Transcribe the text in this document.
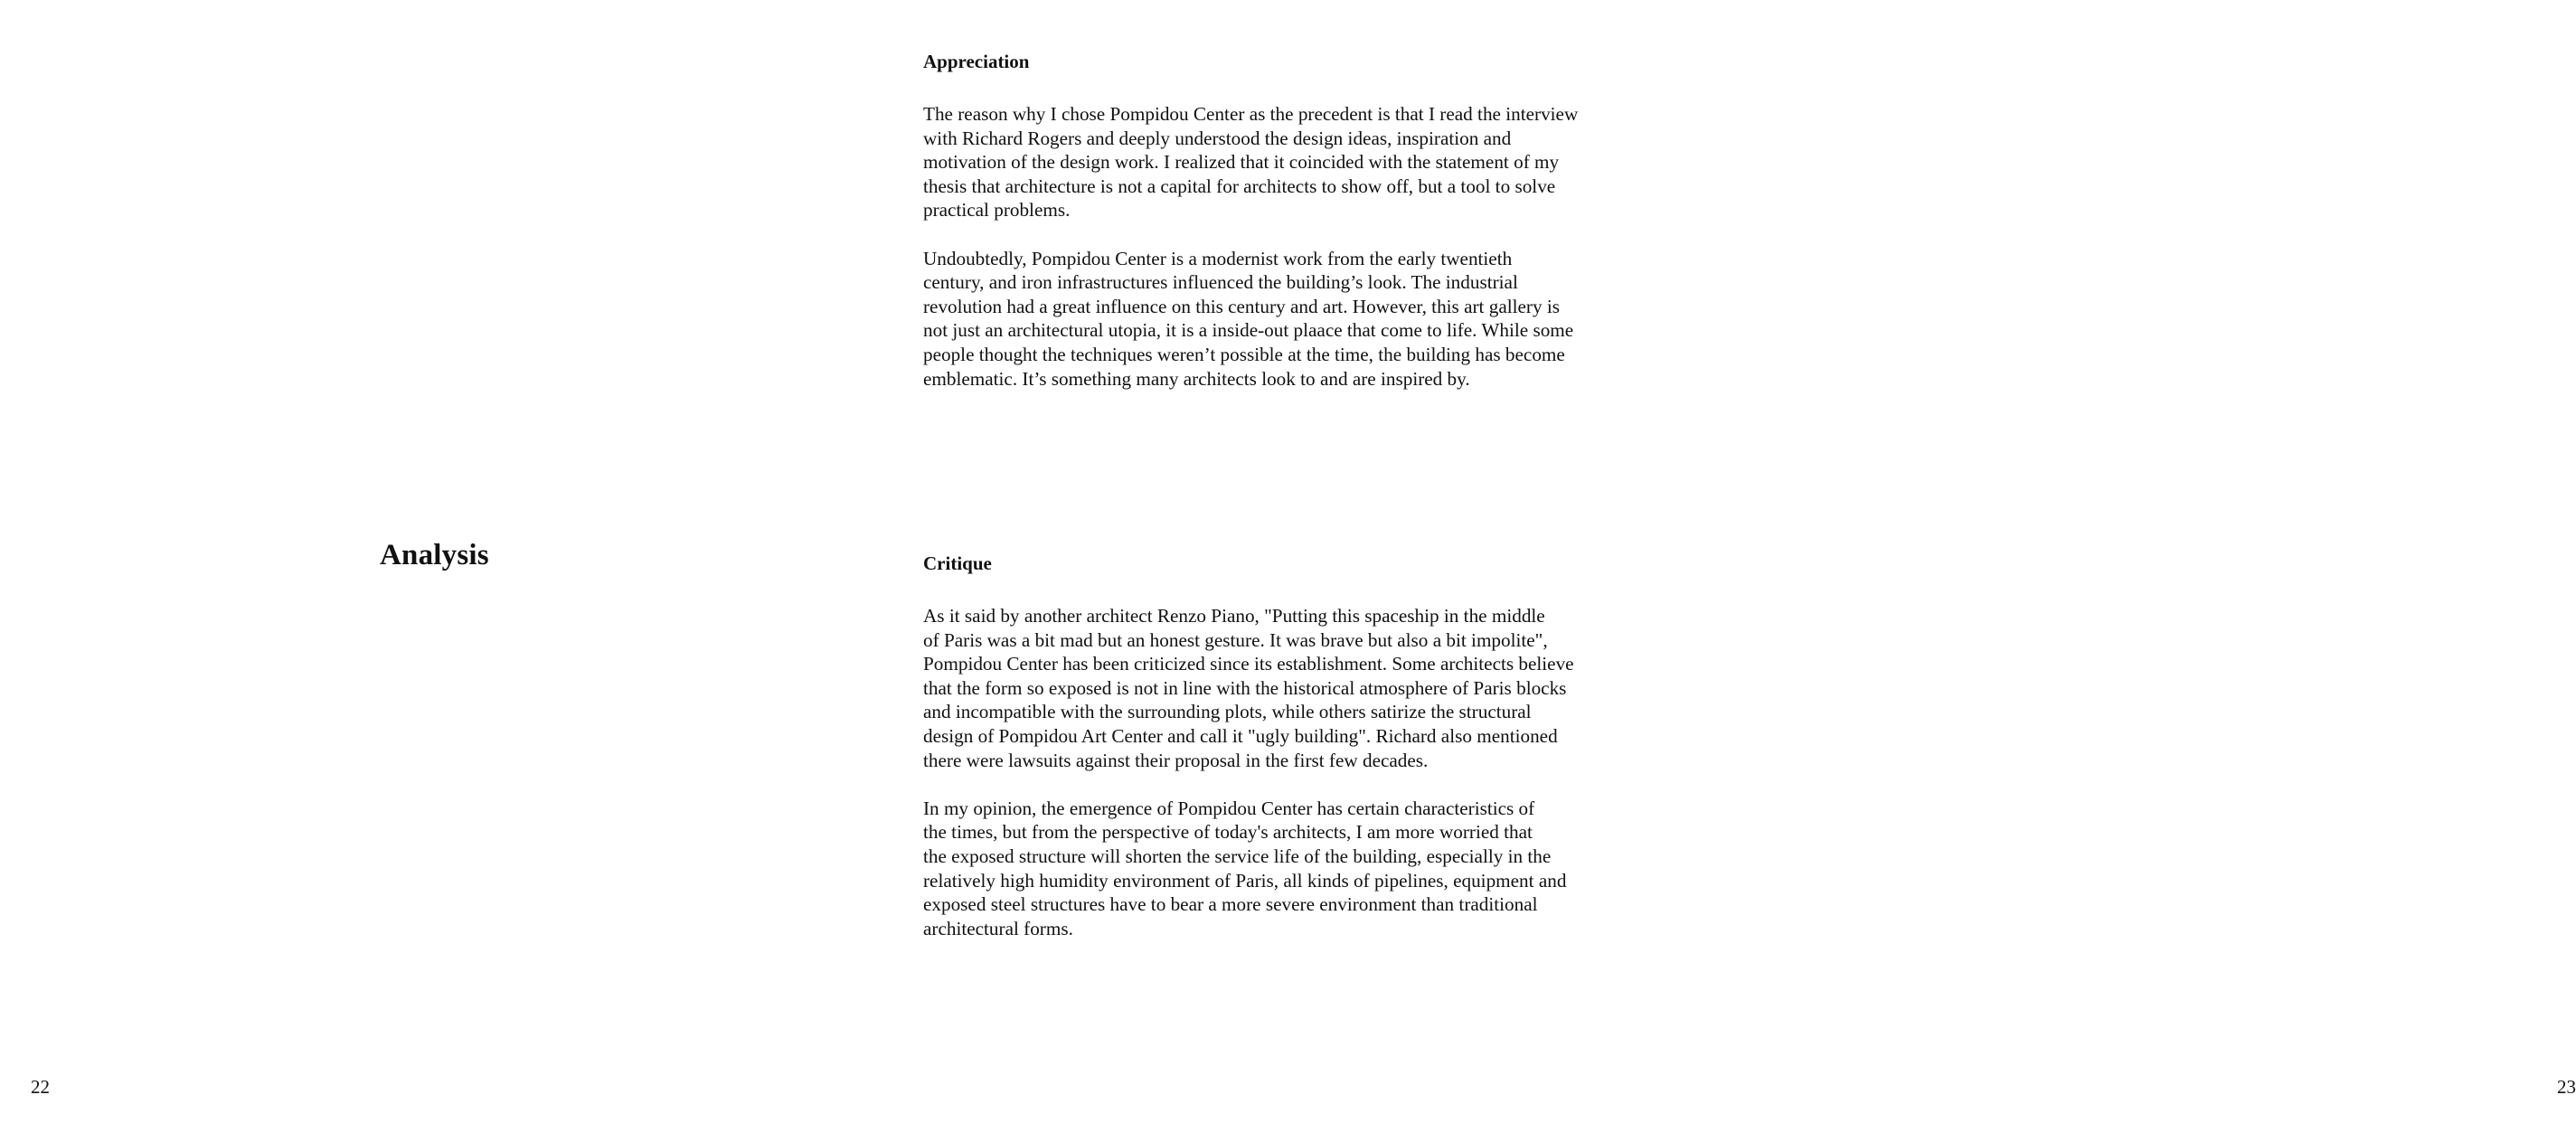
Analysis
22	23
Appreciation

The reason why I chose Pompidou Center as the precedent is that I read the interview
with Richard Rogers and deeply understood the design ideas, inspiration and
motivation of the design work. I realized that it coincided with the statement of my
thesis that architecture is not a capital for architects to show off, but a tool to solve
practical problems.

Undoubtedly, Pompidou Center is a modernist work from the early twentieth
century, and iron infrastructures influenced the building’s look. The industrial
revolution had a great influence on this century and art. However, this art gallery is
not just an architectural utopia, it is a inside-out plaace that come to life. While some
people thought the techniques weren’t possible at the time, the building has become
emblematic. It’s something many architects look to and are inspired by.

Critique

As it said by another architect Renzo Piano, "Putting this spaceship in the middle
of Paris was a bit mad but an honest gesture. It was brave but also a bit impolite",
Pompidou Center has been criticized since its establishment. Some architects believe
that the form so exposed is not in line with the historical atmosphere of Paris blocks
and incompatible with the surrounding plots, while others satirize the structural
design of Pompidou Art Center and call it "ugly building". Richard also mentioned
there were lawsuits against their proposal in the first few decades.

In my opinion, the emergence of Pompidou Center has certain characteristics of
the times, but from the perspective of today's architects, I am more worried that
the exposed structure will shorten the service life of the building, especially in the
relatively high humidity environment of Paris, all kinds of pipelines, equipment and
exposed steel structures have to bear a more severe environment than traditional
architectural forms.
